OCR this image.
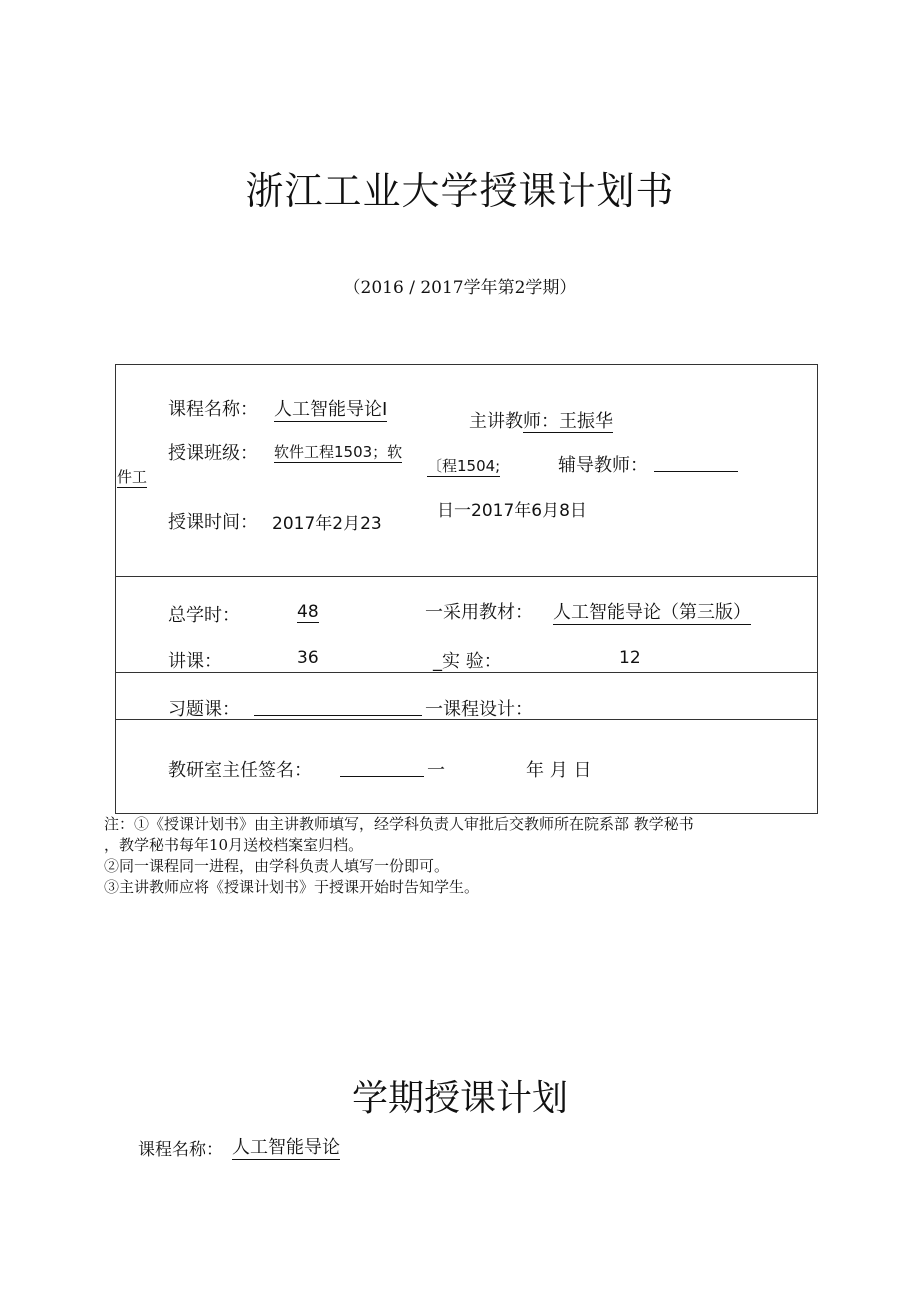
浙江工业大学授课计划书
（2016 / 2017学年第2学期）
课程名称： 人工智能导论I
主讲教师：王振华
授课班级： 软件工程1503；软
件工
〔程1504;	辅导教师：
授课时间： 2017年2月23
日一2017年6月8日
总学时：	48	一采用教材： 人工智能导论（第三版）
讲课：	36	_实 验：	12
习题课：	一课程设计：
教研室主任签名：	一	年 月 日
注：①《授课计划书》由主讲教师填写，经学科负责人审批后交教师所在院系部 教学秘书
，教学秘书每年10月送校档案室归档。
②同一课程同一进程，由学科负责人填写一份即可。
③主讲教师应将《授课计划书》于授课开始时告知学生。
学期授课计划
课程名称： 人工智能导论
